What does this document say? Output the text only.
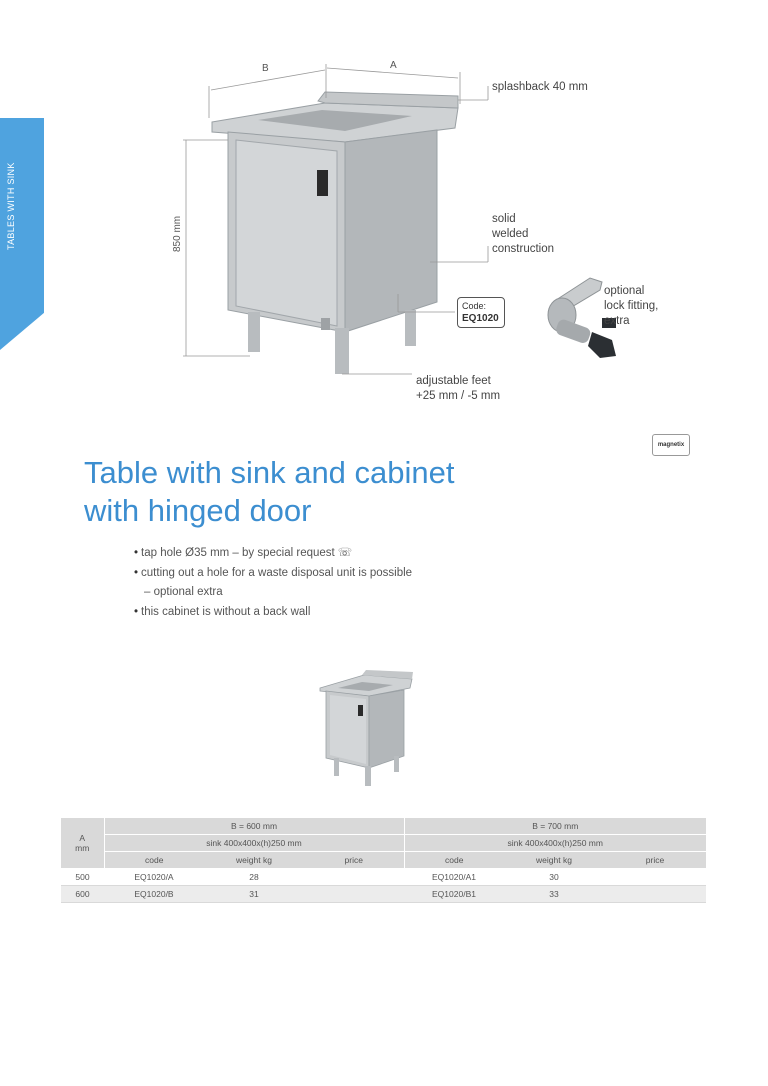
TABLES WITH SINK
B	A
850 mm
splashback 40 mm
solid
welded
construction
Code:
EQ1020
optional
lock fitting,
extra
adjustable feet
+25 mm / -5 mm
magnetix
Table with sink and cabinet
with hinged door
• tap hole Ø35 mm – by special request ☏
• cutting out a hole for a waste disposal unit is possible
– optional extra
• this cabinet is without a back wall
A
mm	B = 600 mm			B = 700 mm		
	sink 400x400x(h)250 mm			sink 400x400x(h)250 mm		
	code	weight kg	price	code	weight kg	price
500	EQ1020/A	28		EQ1020/A1	30	
600	EQ1020/B	31		EQ1020/B1	33	
